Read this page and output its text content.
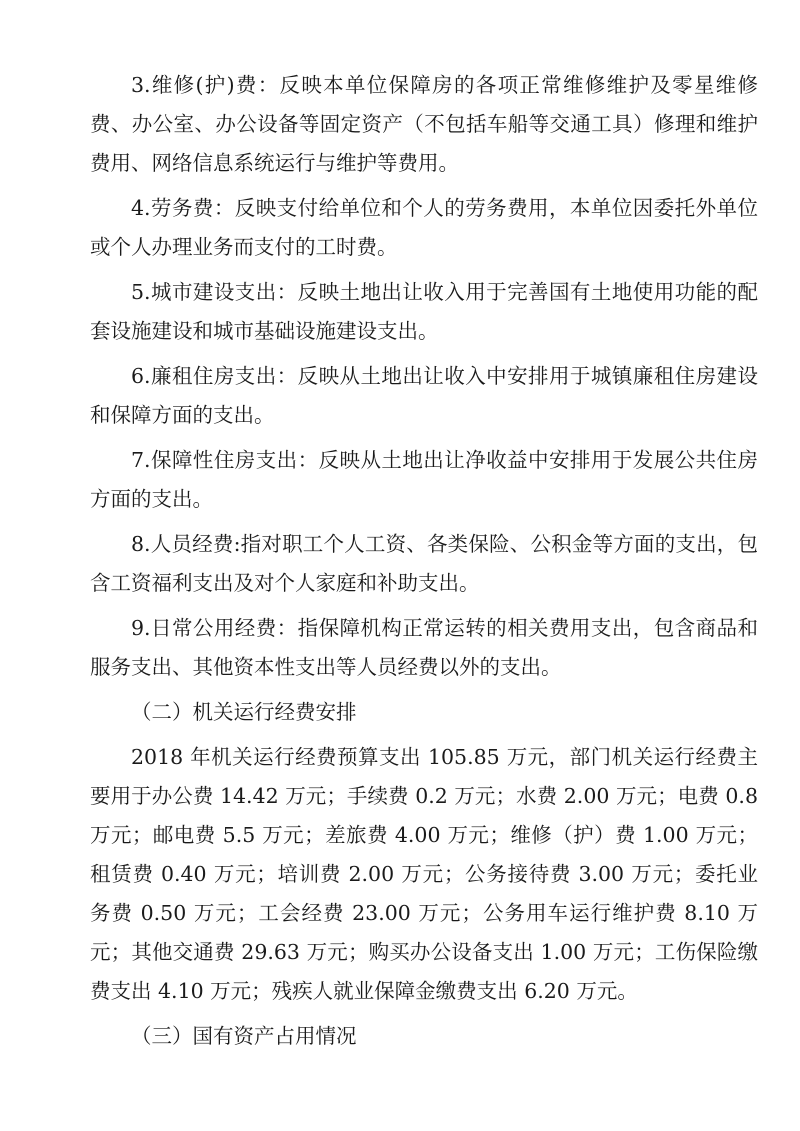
3.维修(护)费：反映本单位保障房的各项正常维修维护及零星维修费、办公室、办公设备等固定资产（不包括车船等交通工具）修理和维护费用、网络信息系统运行与维护等费用。

4.劳务费：反映支付给单位和个人的劳务费用，本单位因委托外单位或个人办理业务而支付的工时费。

5.城市建设支出：反映土地出让收入用于完善国有土地使用功能的配套设施建设和城市基础设施建设支出。

6.廉租住房支出：反映从土地出让收入中安排用于城镇廉租住房建设和保障方面的支出。

7.保障性住房支出：反映从土地出让净收益中安排用于发展公共住房方面的支出。

8.人员经费:指对职工个人工资、各类保险、公积金等方面的支出，包含工资福利支出及对个人家庭和补助支出。

9.日常公用经费：指保障机构正常运转的相关费用支出，包含商品和服务支出、其他资本性支出等人员经费以外的支出。

（二）机关运行经费安排

2018 年机关运行经费预算支出 105.85 万元，部门机关运行经费主要用于办公费 14.42 万元；手续费 0.2 万元；水费 2.00 万元；电费 0.8 万元；邮电费 5.5 万元；差旅费 4.00 万元；维修（护）费 1.00 万元；租赁费 0.40 万元；培训费 2.00 万元；公务接待费 3.00 万元；委托业务费 0.50 万元；工会经费 23.00 万元；公务用车运行维护费 8.10 万元；其他交通费 29.63 万元；购买办公设备支出 1.00 万元；工伤保险缴费支出 4.10 万元；残疾人就业保障金缴费支出 6.20 万元。

（三）国有资产占用情况
